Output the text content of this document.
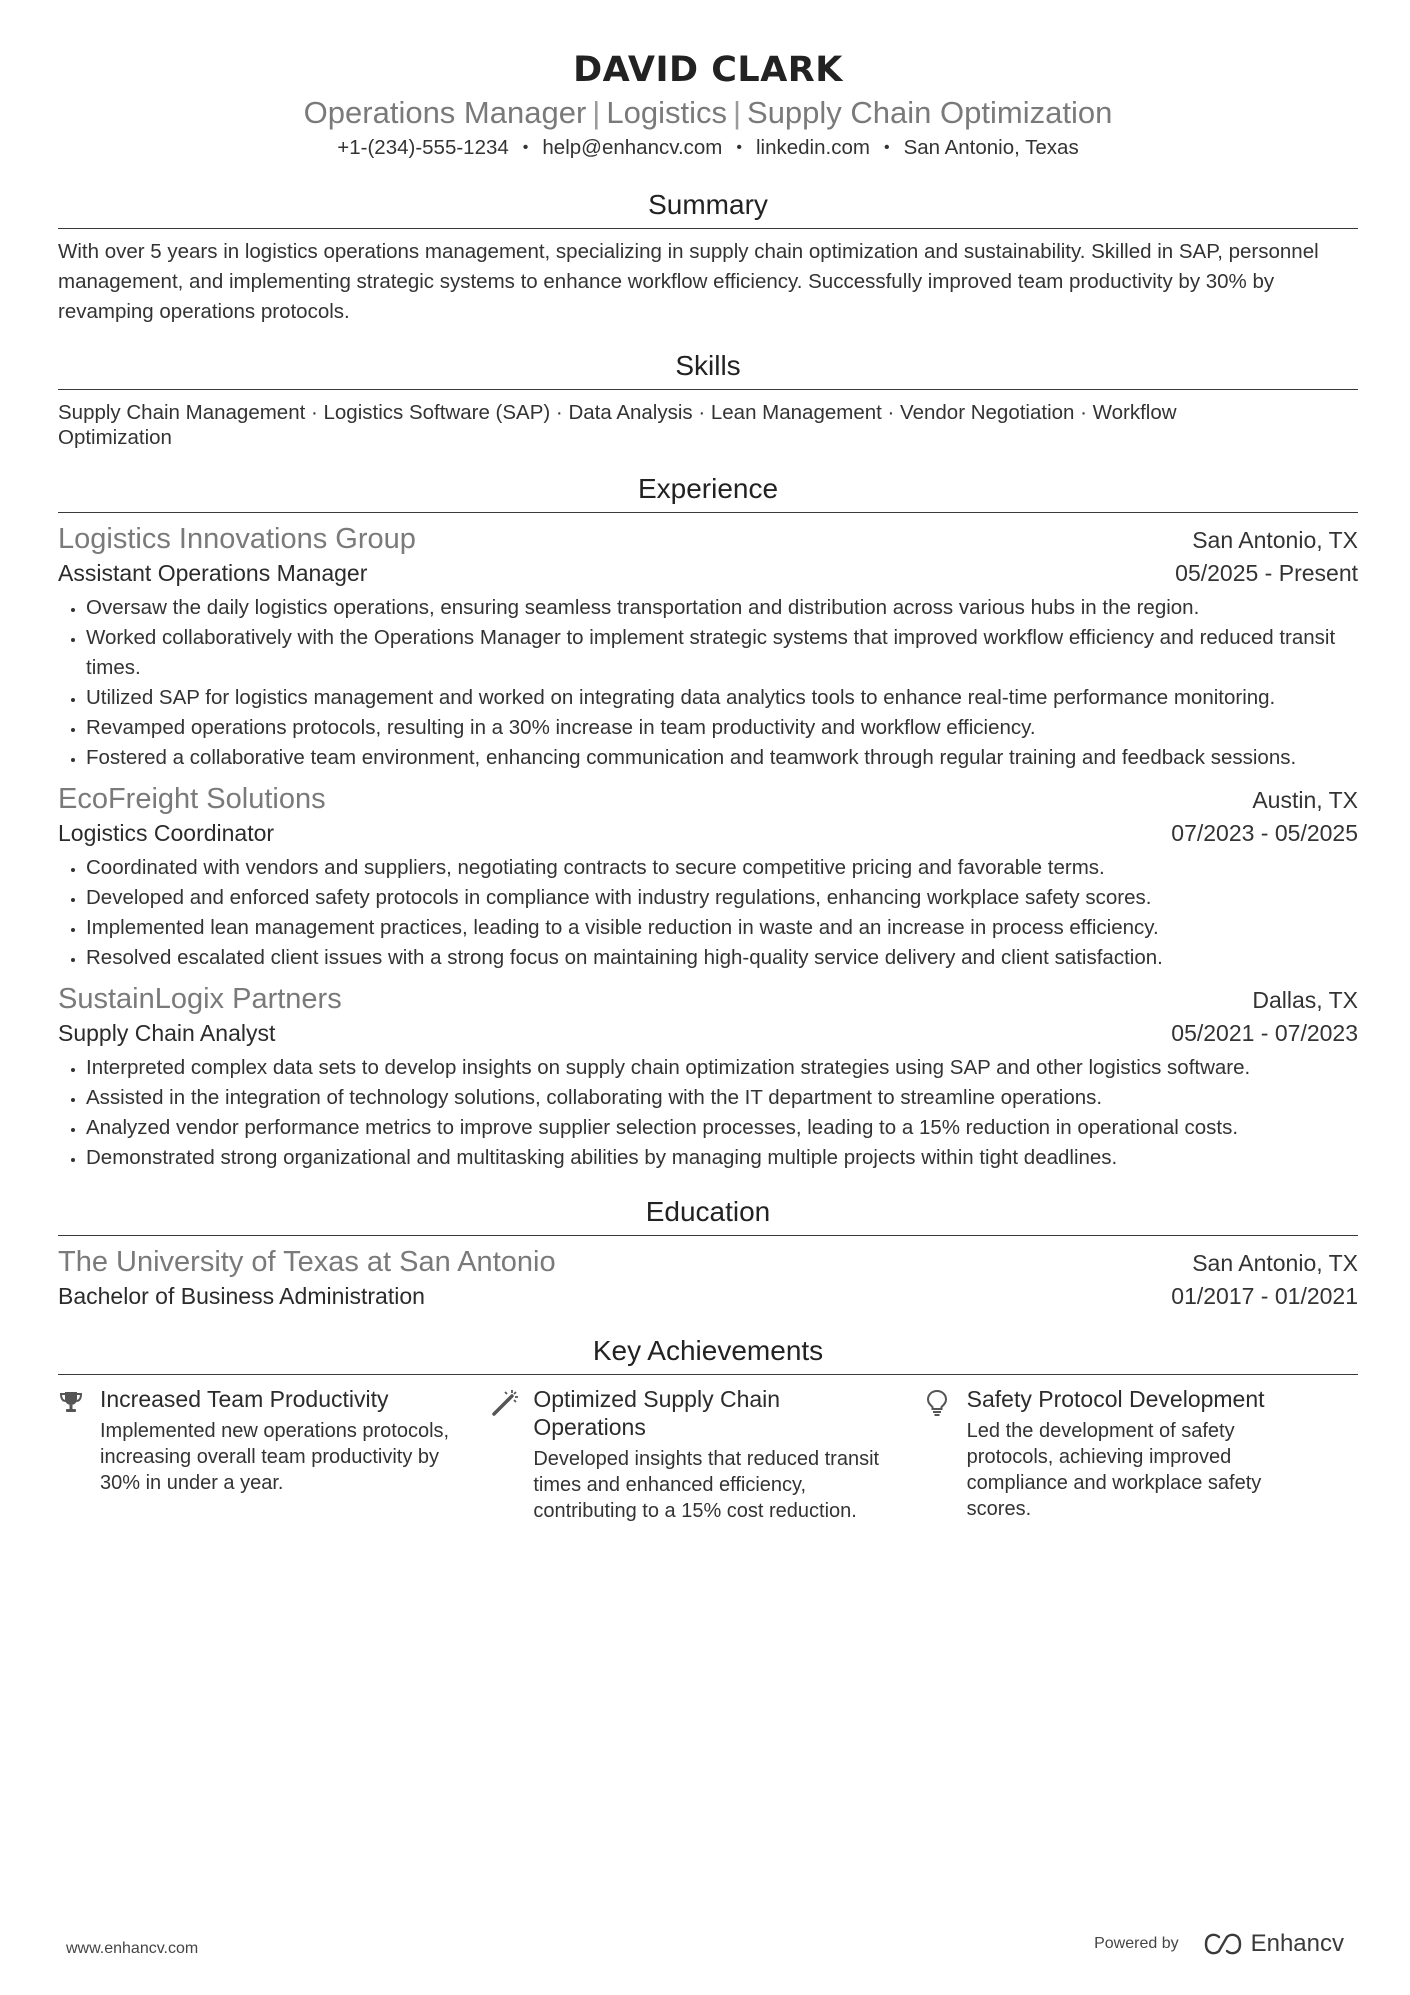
DAVID CLARK
Operations Manager | Logistics | Supply Chain Optimization
+1-(234)-555-1234 • help@enhancv.com • linkedin.com • San Antonio, Texas
Summary
With over 5 years in logistics operations management, specializing in supply chain optimization and sustainability. Skilled in SAP, personnel management, and implementing strategic systems to enhance workflow efficiency. Successfully improved team productivity by 30% by revamping operations protocols.
Skills
Supply Chain Management · Logistics Software (SAP) · Data Analysis · Lean Management · Vendor Negotiation · Workflow Optimization
Experience
Logistics Innovations Group	San Antonio, TX
Assistant Operations Manager	05/2025 - Present
• Oversaw the daily logistics operations, ensuring seamless transportation and distribution across various hubs in the region.
• Worked collaboratively with the Operations Manager to implement strategic systems that improved workflow efficiency and reduced transit times.
• Utilized SAP for logistics management and worked on integrating data analytics tools to enhance real-time performance monitoring.
• Revamped operations protocols, resulting in a 30% increase in team productivity and workflow efficiency.
• Fostered a collaborative team environment, enhancing communication and teamwork through regular training and feedback sessions.
EcoFreight Solutions	Austin, TX
Logistics Coordinator	07/2023 - 05/2025
• Coordinated with vendors and suppliers, negotiating contracts to secure competitive pricing and favorable terms.
• Developed and enforced safety protocols in compliance with industry regulations, enhancing workplace safety scores.
• Implemented lean management practices, leading to a visible reduction in waste and an increase in process efficiency.
• Resolved escalated client issues with a strong focus on maintaining high-quality service delivery and client satisfaction.
SustainLogix Partners	Dallas, TX
Supply Chain Analyst	05/2021 - 07/2023
• Interpreted complex data sets to develop insights on supply chain optimization strategies using SAP and other logistics software.
• Assisted in the integration of technology solutions, collaborating with the IT department to streamline operations.
• Analyzed vendor performance metrics to improve supplier selection processes, leading to a 15% reduction in operational costs.
• Demonstrated strong organizational and multitasking abilities by managing multiple projects within tight deadlines.
Education
The University of Texas at San Antonio	San Antonio, TX
Bachelor of Business Administration	01/2017 - 01/2021
Key Achievements
Increased Team Productivity
Implemented new operations protocols, increasing overall team productivity by 30% in under a year.
Optimized Supply Chain Operations
Developed insights that reduced transit times and enhanced efficiency, contributing to a 15% cost reduction.
Safety Protocol Development
Led the development of safety protocols, achieving improved compliance and workplace safety scores.
www.enhancv.com	Powered by	Enhancv
